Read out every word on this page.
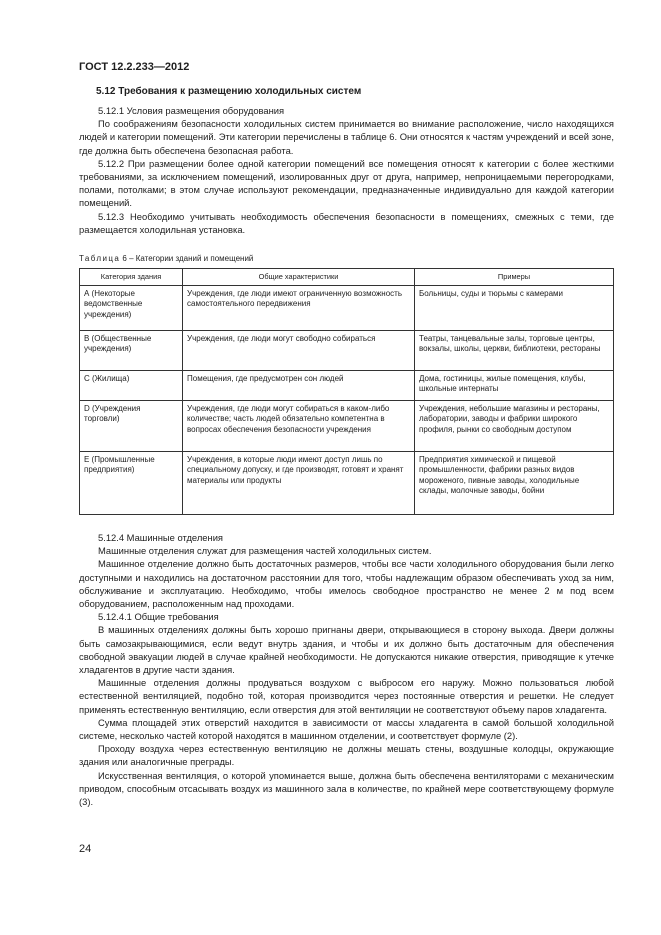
ГОСТ 12.2.233—2012
5.12 Требования к размещению холодильных систем

5.12.1 Условия размещения оборудования

По соображениям безопасности холодильных систем принимается во внимание расположение, число находящихся людей и категории помещений. Эти категории перечислены в таблице 6. Они относятся к частям учреждений и всей зоне, где должна быть обеспечена безопасная работа.

5.12.2 При размещении более одной категории помещений все помещения относят к категории с более жесткими требованиями, за исключением помещений, изолированных друг от друга, например, непроницаемыми перегородками, полами, потолками; в этом случае используют рекомендации, предназначенные индивидуально для каждой категории помещений.

5.12.3 Необходимо учитывать необходимость обеспечения безопасности в помещениях, смежных с теми, где размещается холодильная установка.

Таблица 6 – Категории зданий и помещений
Категория здания	Общие характеристики	Примеры
А (Некоторые ведомственные учреждения)	Учреждения, где люди имеют ограниченную возможность самостоятельного передвижения	Больницы, суды и тюрьмы с камерами
В (Общественные учреждения)	Учреждения, где люди могут свободно собираться	Театры, танцевальные залы, торговые центры, вокзалы, школы, церкви, библиотеки, рестораны
С (Жилища)	Помещения, где предусмотрен сон людей	Дома, гостиницы, жилые помещения, клубы, школьные интернаты
D (Учреждения торговли)	Учреждения, где люди могут собираться в каком-либо количестве; часть людей обязательно компетентна в вопросах обеспечения безопасности учреждения	Учреждения, небольшие магазины и рестораны, лаборатории, заводы и фабрики широкого профиля, рынки со свободным доступом
Е (Промышленные предприятия)	Учреждения, в которые люди имеют доступ лишь по специальному допуску, и где производят, готовят и хранят материалы или продукты	Предприятия химической и пищевой промышленности, фабрики разных видов мороженого, пивные заводы, холодильные склады, молочные заводы, бойни

5.12.4 Машинные отделения

Машинные отделения служат для размещения частей холодильных систем.

Машинное отделение должно быть достаточных размеров, чтобы все части холодильного оборудования были легко доступными и находились на достаточном расстоянии для того, чтобы надлежащим образом обеспечивать уход за ним, обслуживание и эксплуатацию. Необходимо, чтобы имелось свободное пространство не менее 2 м под всем оборудованием, расположенным над проходами.

5.12.4.1 Общие требования

В машинных отделениях должны быть хорошо пригнаны двери, открывающиеся в сторону выхода. Двери должны быть самозакрывающимися, если ведут внутрь здания, и чтобы и их должно быть достаточным для обеспечения свободной эвакуации людей в случае крайней необходимости. Не допускаются никакие отверстия, приводящие к утечке хладагентов в другие части здания.

Машинные отделения должны продуваться воздухом с выбросом его наружу. Можно пользоваться любой естественной вентиляцией, подобно той, которая производится через постоянные отверстия и решетки. Не следует применять естественную вентиляцию, если отверстия для этой вентиляции не соответствуют объему паров хладагента.

Сумма площадей этих отверстий находится в зависимости от массы хладагента в самой большой холодильной системе, несколько частей которой находятся в машинном отделении, и соответствует формуле (2).

Проходу воздуха через естественную вентиляцию не должны мешать стены, воздушные колодцы, окружающие здания или аналогичные преграды.

Искусственная вентиляция, о которой упоминается выше, должна быть обеспечена вентиляторами с механическим приводом, способным отсасывать воздух из машинного зала в количестве, по крайней мере соответствующему формуле (3).

24
